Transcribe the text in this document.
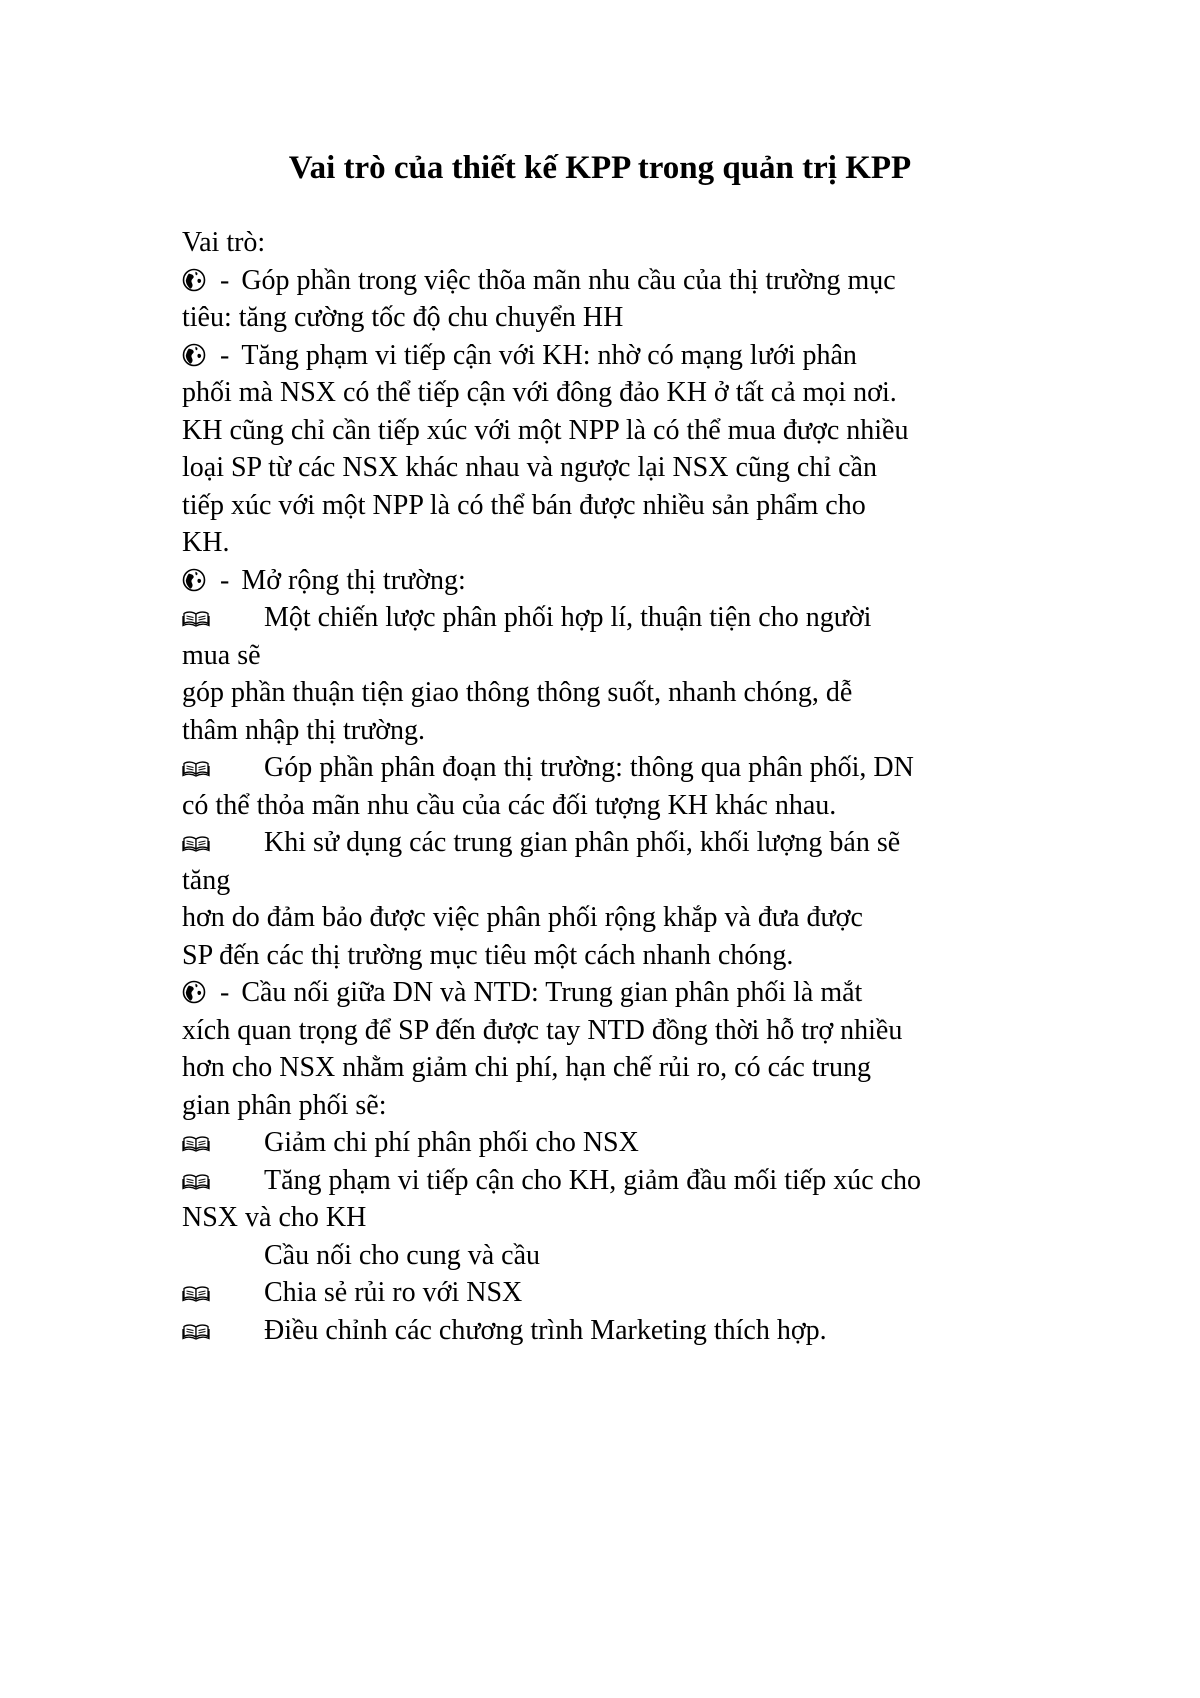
Vai trò của thiết kế KPP trong quản trị KPP
Vai trò:
- Góp phần trong việc thõa mãn nhu cầu của thị trường mục
tiêu: tăng cường tốc độ chu chuyển HH
- Tăng phạm vi tiếp cận với KH: nhờ có mạng lưới phân
phối mà NSX có thể tiếp cận với đông đảo KH ở tất cả mọi nơi.
KH cũng chỉ cần tiếp xúc với một NPP là có thể mua được nhiều
loại SP từ các NSX khác nhau và ngược lại NSX cũng chỉ cần
tiếp xúc với một NPP là có thể bán được nhiều sản phẩm cho
KH.
- Mở rộng thị trường:
Một chiến lược phân phối hợp lí, thuận tiện cho người
mua sẽ
góp phần thuận tiện giao thông thông suốt, nhanh chóng, dễ
thâm nhập thị trường.
Góp phần phân đoạn thị trường: thông qua phân phối, DN
có thể thỏa mãn nhu cầu của các đối tượng KH khác nhau.
Khi sử dụng các trung gian phân phối, khối lượng bán sẽ
tăng
hơn do đảm bảo được việc phân phối rộng khắp và đưa được
SP đến các thị trường mục tiêu một cách nhanh chóng.
- Cầu nối giữa DN và NTD: Trung gian phân phối là mắt
xích quan trọng để SP đến được tay NTD đồng thời hỗ trợ nhiều
hơn cho NSX nhằm giảm chi phí, hạn chế rủi ro, có các trung
gian phân phối sẽ:
Giảm chi phí phân phối cho NSX
Tăng phạm vi tiếp cận cho KH, giảm đầu mối tiếp xúc cho
NSX và cho KH
Cầu nối cho cung và cầu
Chia sẻ rủi ro với NSX
Điều chỉnh các chương trình Marketing thích hợp.
